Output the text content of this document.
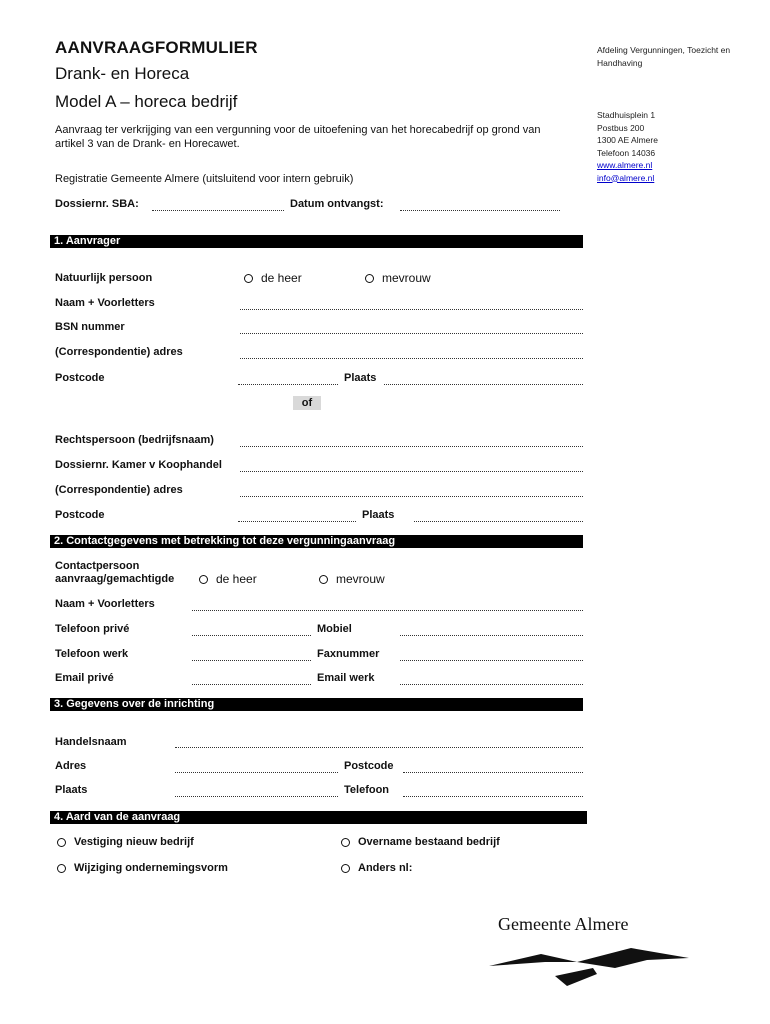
AANVRAAGFORMULIER
Drank- en Horeca
Model A – horeca bedrijf
Aanvraag ter verkrijging van een vergunning voor de uitoefening van het horecabedrijf op grond van artikel 3 van de Drank- en Horecawet.
Registratie Gemeente Almere (uitsluitend voor intern gebruik)
Dossiernr. SBA:	Datum ontvangst:
Afdeling Vergunningen, Toezicht en Handhaving
Stadhuisplein 1
Postbus 200
1300 AE Almere
Telefoon 14036
www.almere.nl
info@almere.nl
1. Aanvrager
Natuurlijk persoon	de heer	mevrouw
Naam + Voorletters
BSN nummer
(Correspondentie) adres
Postcode	Plaats
of
Rechtspersoon (bedrijfsnaam)
Dossiernr. Kamer v Koophandel
(Correspondentie) adres
Postcode	Plaats
2. Contactgegevens met betrekking tot deze vergunningaanvraag
Contactpersoon
aanvraag/gemachtigde	de heer	mevrouw
Naam + Voorletters
Telefoon privé	Mobiel
Telefoon werk	Faxnummer
Email privé	Email werk
3. Gegevens over de inrichting
Handelsnaam
Adres	Postcode
Plaats	Telefoon
4. Aard van de aanvraag
Vestiging nieuw bedrijf	Overname bestaand bedrijf
Wijziging ondernemingsvorm	Anders nl:
Gemeente Almere
